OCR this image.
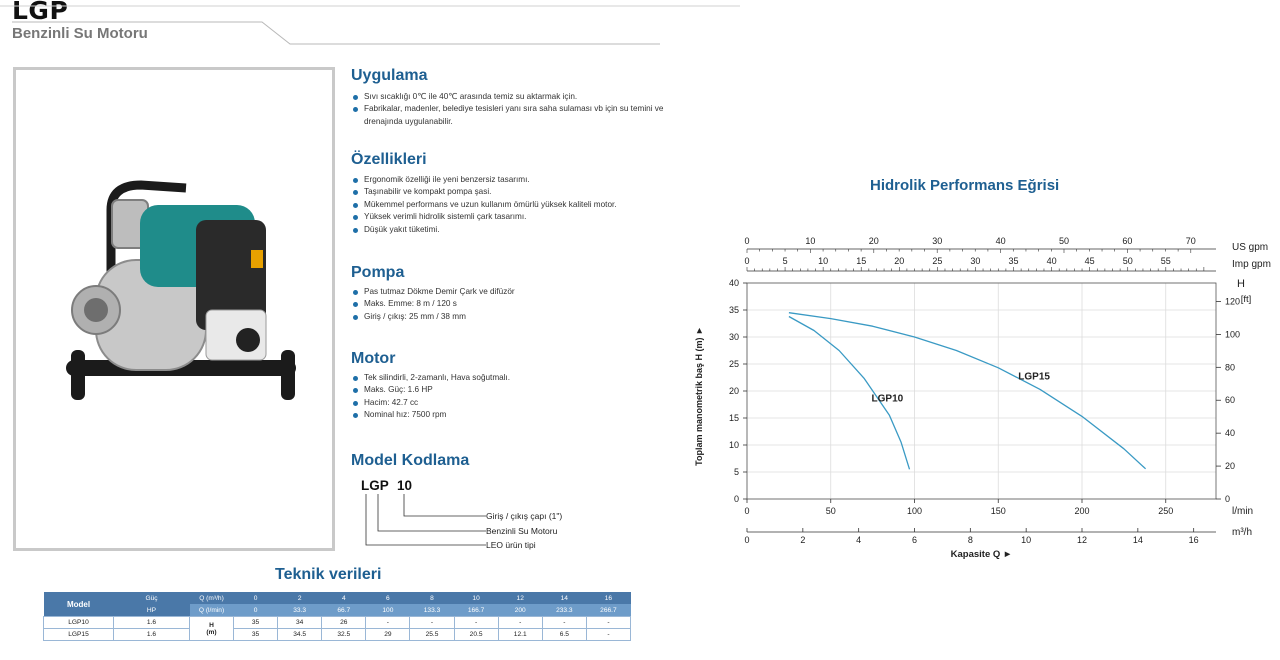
LGP
Benzinli Su Motoru
Uygulama
Sıvı sıcaklığı 0℃ ile 40℃ arasında temiz su aktarmak için.
Fabrikalar, madenler, belediye tesisleri yanı sıra saha sulaması vb için su temini ve drenajında uygulanabilir.
Özellikleri
Ergonomik özelliği ile yeni benzersiz tasarımı.
Taşınabilir ve kompakt pompa şasi.
Mükemmel performans ve uzun kullanım ömürlü yüksek kaliteli motor.
Yüksek verimli hidrolik sistemli çark tasarımı.
Düşük yakıt tüketimi.
Pompa
Pas tutmaz Dökme Demir Çark ve difüzör
Maks. Emme: 8 m / 120 s
Giriş / çıkış: 25 mm / 38 mm
Motor
Tek silindirli, 2-zamanlı, Hava soğutmalı.
Maks. Güç: 1.6 HP
Hacim: 42.7 cc
Nominal hız: 7500 rpm
Model Kodlama
LGP 10
Giriş / çıkış çapı (1")
Benzinli Su Motoru
LEO ürün tipi
Teknik verileri
Model	Güç	Q (m³/h)	0	2	4	6	8	10	12	14	16
	HP	Q (l/min)	0	33.3	66.7	100	133.3	166.7	200	233.3	266.7
LGP10	1.6	H
(m)	35	34	26	-	-	-	-	-	-
LGP15	1.6		35	34.5	32.5	29	25.5	20.5	12.1	6.5	-
Hidrolik Performans Eğrisi
0
5
10
15
20
25
30
35
40
0	50	100	150	200	250	l/min
0	2	4	6	8	10	12	14	16
m³/h
Kapasite Q ►
0	10	20	30	40	50	60	70
US gpm
0	5	10	15	20	25	30	35	40	45	50	55	Imp gpm
0
20
40
60
80
100
120
H
[ft]
Toplam manometrik baş H (m) ►	LGP10
LGP15
